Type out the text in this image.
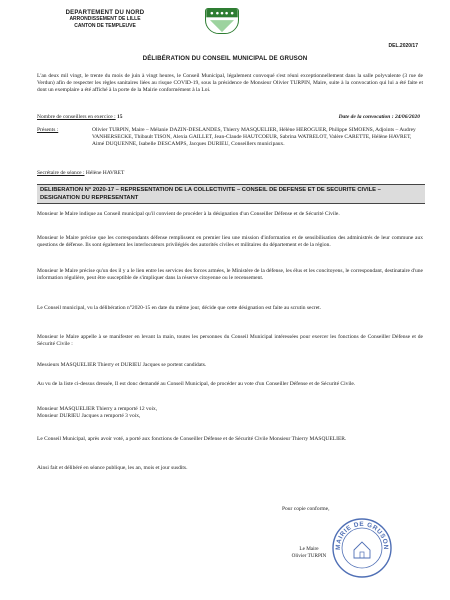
DEPARTEMENT DU NORD
ARRONDISSEMENT DE LILLE
CANTON DE TEMPLEUVE
DEL.2020/17
DÉLIBÉRATION DU CONSEIL MUNICIPAL DE GRUSON
L'an deux mil vingt, le trente du mois de juin à vingt heures, le Conseil Municipal, légalement convoqué s'est réuni exceptionnellement dans la salle polyvalente (3 rue de Verdun) afin de respecter les règles sanitaires liées au risque COVID-19, sous la présidence de Monsieur Olivier TURPIN, Maire, suite à la convocation qui lui a été faite et dont un exemplaire a été affiché à la porte de la Mairie conformément à la Loi.
Nombre de conseillers en exercice : 15	Date de la convocation : 24/06/2020
Présents :	Olivier TURPIN, Maire – Mélanie DAZIN-DESLANDES, Thierry MASQUELIER, Hélène HEROGUER, Philippe SIMOENS, Adjoints – Audrey VANHERSECKE, Thibault TISON, Alexia GAILLET, Jean-Claude HAUTCOEUR, Sabrina WATRELOT, Valère CARETTE, Hélène HAVRET, Aimé DUQUENNE, Isabelle DESCAMPS, Jacques DURIEU, Conseillers municipaux.
Secrétaire de séance : Hélène HAVRET
DELIBERATION N° 2020-17 – REPRESENTATION DE LA COLLECTIVITE – CONSEIL DE DEFENSE ET DE SECURITE CIVILE – DESIGNATION DU REPRESENTANT
Monsieur le Maire indique au Conseil municipal qu'il convient de procéder à la désignation d'un Conseiller Défense et de Sécurité Civile.
Monsieur le Maire précise que les correspondants défense remplissent en premier lieu une mission d'information et de sensibilisation des administrés de leur commune aux questions de défense. Ils sont également les interlocuteurs privilégiés des autorités civiles et militaires du département et de la région.
Monsieur le Maire précise qu'un des il y a le lien entre les services des forces armées, le Ministère de la défense, les élus et les concitoyens, le correspondant, destinataire d'une information régulière, peut être susceptible de s'impliquer dans la réserve citoyenne ou le recensement.
Le Conseil municipal, vu la délibération n°2020-15 en date du même jour, décide que cette désignation est faite au scrutin secret.
Monsieur le Maire appelle à se manifester en levant la main, toutes les personnes du Conseil Municipal intéressées pour exercer les fonctions de Conseiller Défense et de Sécurité Civile :
Messieurs MASQUELIER Thierry et DURIEU Jacques se portent candidats.
Au vu de la liste ci-dessus dressée, Il est donc demandé au Conseil Municipal, de procéder au vote d'un Conseiller Défense et de Sécurité Civile.
Monsieur MASQUELIER Thierry a remporté 12 voix,
Monsieur DURIEU Jacques a remporté 3 voix,
Le Conseil Municipal, après avoir voté, a porté aux fonctions de Conseiller Défense et de Sécurité Civile Monsieur Thierry MASQUELIER.
Ainsi fait et délibéré en séance publique, les an, mois et jour susdits.
Pour copie conforme,
Le Maire
Olivier TURPIN
MAIRIE DE GRUSON
